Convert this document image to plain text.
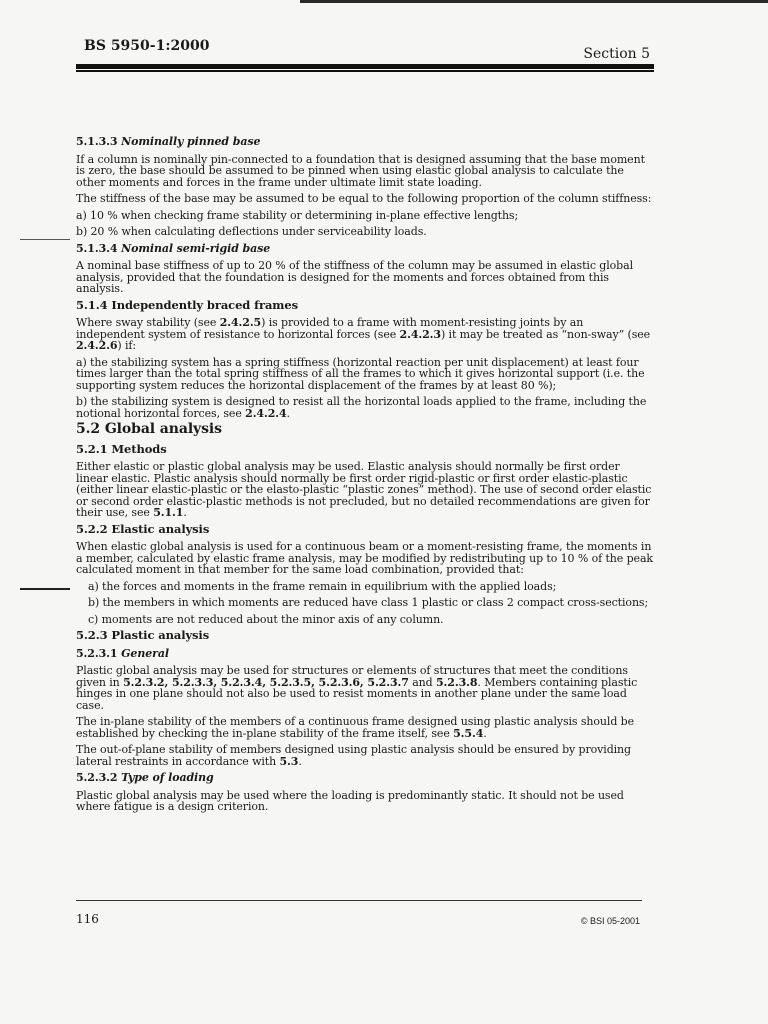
BS 5950-1:2000	Section 5
5.1.3.3 Nominally pinned base

If a column is nominally pin-connected to a foundation that is designed assuming that the base moment is zero, the base should be assumed to be pinned when using elastic global analysis to calculate the other moments and forces in the frame under ultimate limit state loading.

The stiffness of the base may be assumed to be equal to the following proportion of the column stiffness:

a) 10 % when checking frame stability or determining in-plane effective lengths;

b) 20 % when calculating deflections under serviceability loads.

5.1.3.4 Nominal semi-rigid base

A nominal base stiffness of up to 20 % of the stiffness of the column may be assumed in elastic global analysis, provided that the foundation is designed for the moments and forces obtained from this analysis.

5.1.4 Independently braced frames

Where sway stability (see 2.4.2.5) is provided to a frame with moment-resisting joints by an independent system of resistance to horizontal forces (see 2.4.2.3) it may be treated as “non-sway” (see 2.4.2.6) if:

a) the stabilizing system has a spring stiffness (horizontal reaction per unit displacement) at least four times larger than the total spring stiffness of all the frames to which it gives horizontal support (i.e. the supporting system reduces the horizontal displacement of the frames by at least 80 %);

b) the stabilizing system is designed to resist all the horizontal loads applied to the frame, including the notional horizontal forces, see 2.4.2.4.

5.2 Global analysis
5.2.1 Methods

Either elastic or plastic global analysis may be used. Elastic analysis should normally be first order linear elastic. Plastic analysis should normally be first order rigid-plastic or first order elastic-plastic (either linear elastic-plastic or the elasto-plastic “plastic zones” method). The use of second order elastic or second order elastic-plastic methods is not precluded, but no detailed recommendations are given for their use, see 5.1.1.

5.2.2 Elastic analysis

When elastic global analysis is used for a continuous beam or a moment-resisting frame, the moments in a member, calculated by elastic frame analysis, may be modified by redistributing up to 10 % of the peak calculated moment in that member for the same load combination, provided that:

a) the forces and moments in the frame remain in equilibrium with the applied loads;

b) the members in which moments are reduced have class 1 plastic or class 2 compact cross-sections;

c) moments are not reduced about the minor axis of any column.

5.2.3 Plastic analysis
5.2.3.1 General

Plastic global analysis may be used for structures or elements of structures that meet the conditions given in 5.2.3.2, 5.2.3.3, 5.2.3.4, 5.2.3.5, 5.2.3.6, 5.2.3.7 and 5.2.3.8. Members containing plastic hinges in one plane should not also be used to resist moments in another plane under the same load case.

The in-plane stability of the members of a continuous frame designed using plastic analysis should be established by checking the in-plane stability of the frame itself, see 5.5.4.

The out-of-plane stability of members designed using plastic analysis should be ensured by providing lateral restraints in accordance with 5.3.

5.2.3.2 Type of loading

Plastic global analysis may be used where the loading is predominantly static. It should not be used where fatigue is a design criterion.

116	© BSI 05-2001
